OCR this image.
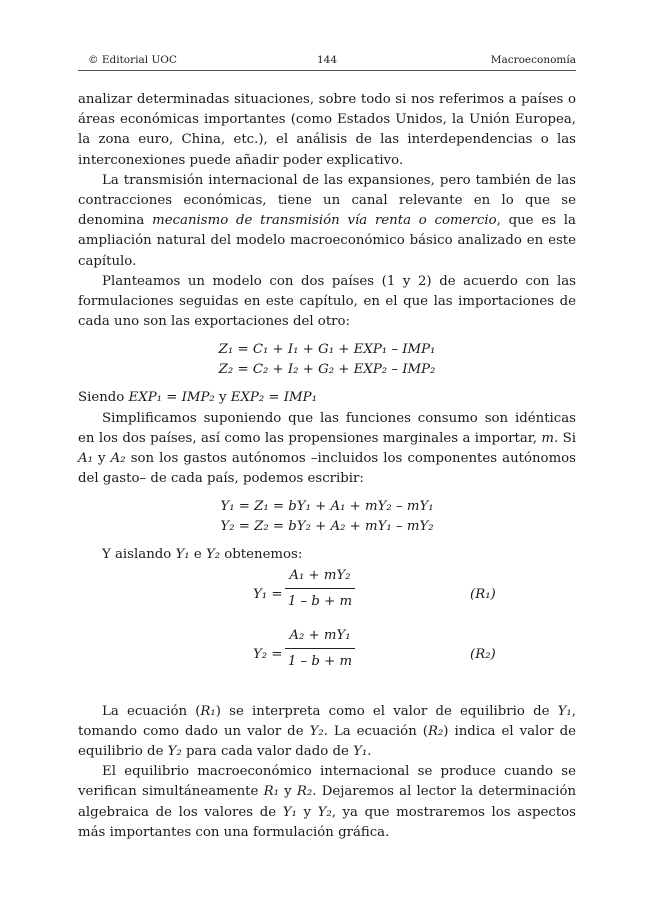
© Editorial UOC	144	Macroeconomía

analizar determinadas situaciones, sobre todo si nos referimos a países o áreas económicas importantes (como Estados Unidos, la Unión Europea, la zona euro, China, etc.), el análisis de las interdependencias o las interconexiones puede añadir poder explicativo.

La transmisión internacional de las expansiones, pero también de las contracciones económicas, tiene un canal relevante en lo que se denomina mecanismo de transmisión vía renta o comercio, que es la ampliación natural del modelo macroeconómico básico analizado en este capítulo.

Planteamos un modelo con dos países (1 y 2) de acuerdo con las formulaciones seguidas en este capítulo, en el que las importaciones de cada uno son las exportaciones del otro:

Z₁ = C₁ + I₁ + G₁ + EXP₁ – IMP₁
Z₂ = C₂ + I₂ + G₂ + EXP₂ – IMP₂

Siendo EXP₁ = IMP₂ y EXP₂ = IMP₁

Simplificamos suponiendo que las funciones consumo son idénticas en los dos países, así como las propensiones marginales a importar, m. Si A₁ y A₂ son los gastos autónomos –incluidos los componentes autónomos del gasto– de cada país, podemos escribir:

Y₁ = Z₁ = bY₁ + A₁ + mY₂ – mY₁
Y₂ = Z₂ = bY₂ + A₂ + mY₁ – mY₂

Y aislando Y₁ e Y₂ obtenemos:

Y₁ =
A₁ + mY₂
1 – b + m	(R₁)
Y₂ =
A₂ + mY₁
1 – b + m	(R₂)

La ecuación (R₁) se interpreta como el valor de equilibrio de Y₁, tomando como dado un valor de Y₂. La ecuación (R₂) indica el valor de equilibrio de Y₂ para cada valor dado de Y₁.

El equilibrio macroeconómico internacional se produce cuando se verifican simultáneamente R₁ y R₂. Dejaremos al lector la determinación algebraica de los valores de Y₁ y Y₂, ya que mostraremos los aspectos más importantes con una formulación gráfica.
